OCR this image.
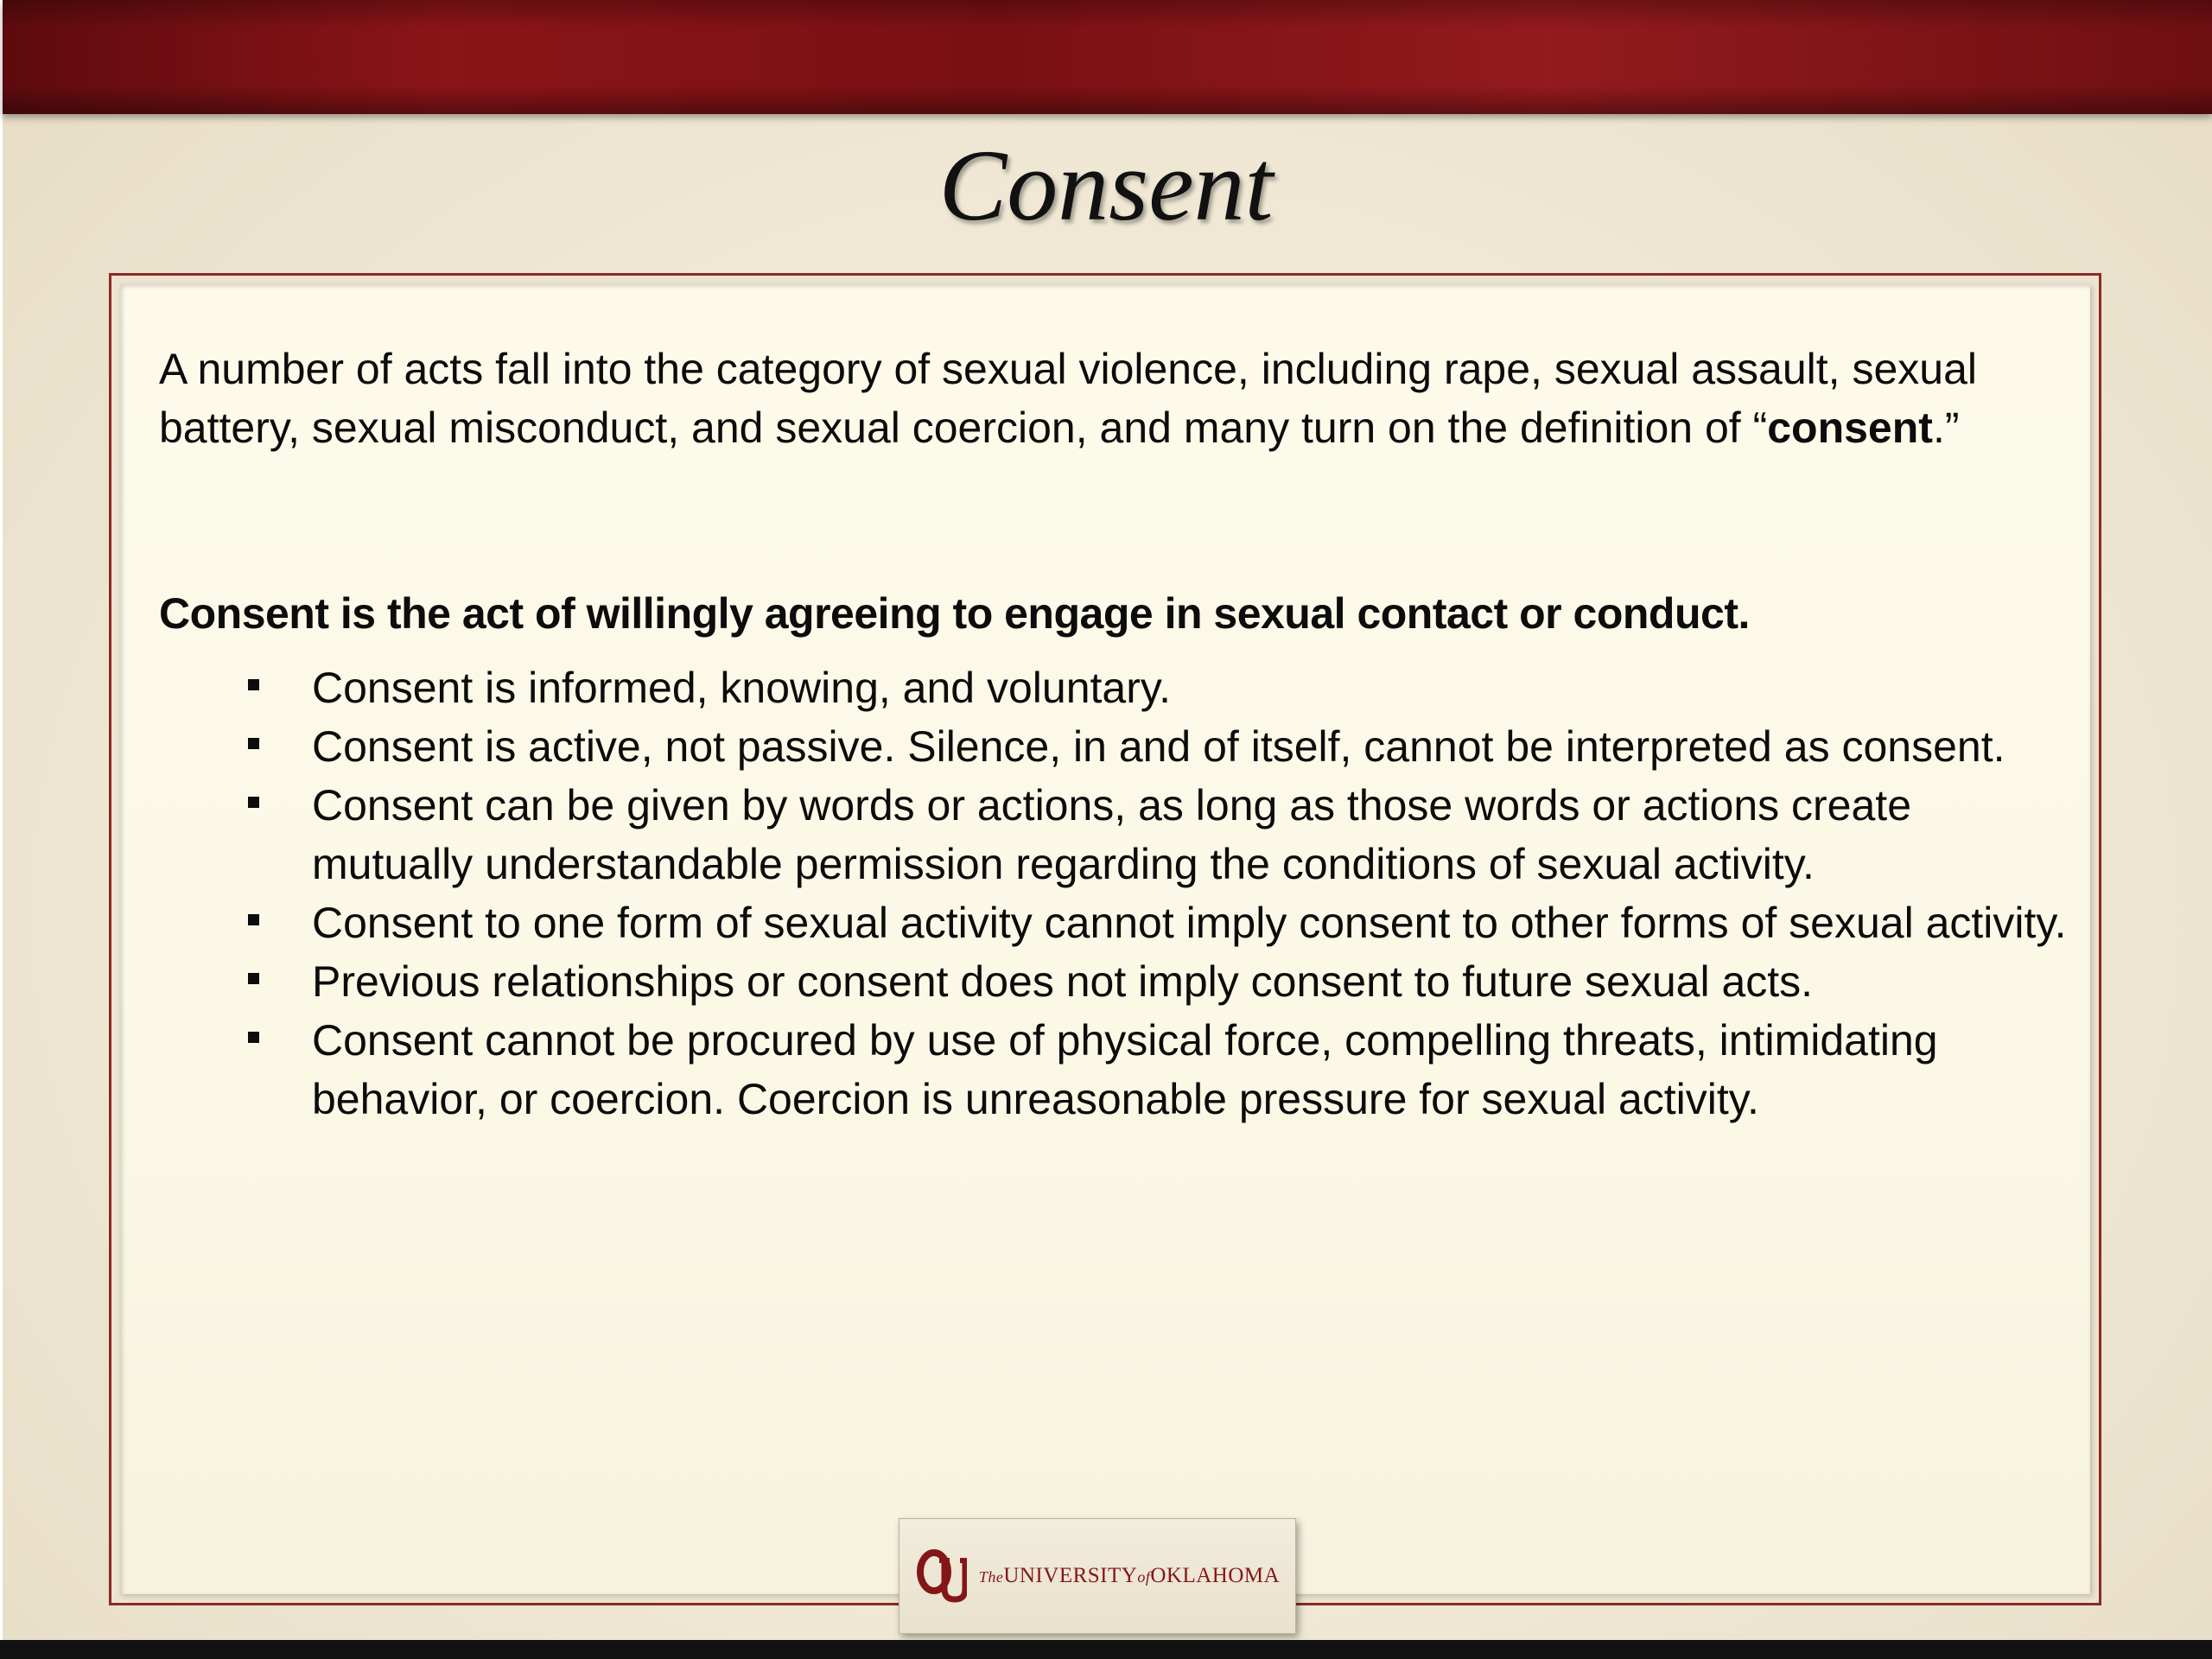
Consent

A number of acts fall into the category of sexual violence, including rape, sexual assault, sexual battery, sexual misconduct, and sexual coercion, and many turn on the definition of “consent.”

Consent is the act of willingly agreeing to engage in sexual contact or conduct.

Consent is informed, knowing, and voluntary.
Consent is active, not passive. Silence, in and of itself, cannot be interpreted as consent.
Consent can be given by words or actions, as long as those words or actions create mutually understandable permission regarding the conditions of sexual activity.
Consent to one form of sexual activity cannot imply consent to other forms of sexual activity.
Previous relationships or consent does not imply consent to future sexual acts.
Consent cannot be procured by use of physical force, compelling threats, intimidating behavior, or coercion. Coercion is unreasonable pressure for sexual activity.
TheUNIVERSITYofOKLAHOMA
